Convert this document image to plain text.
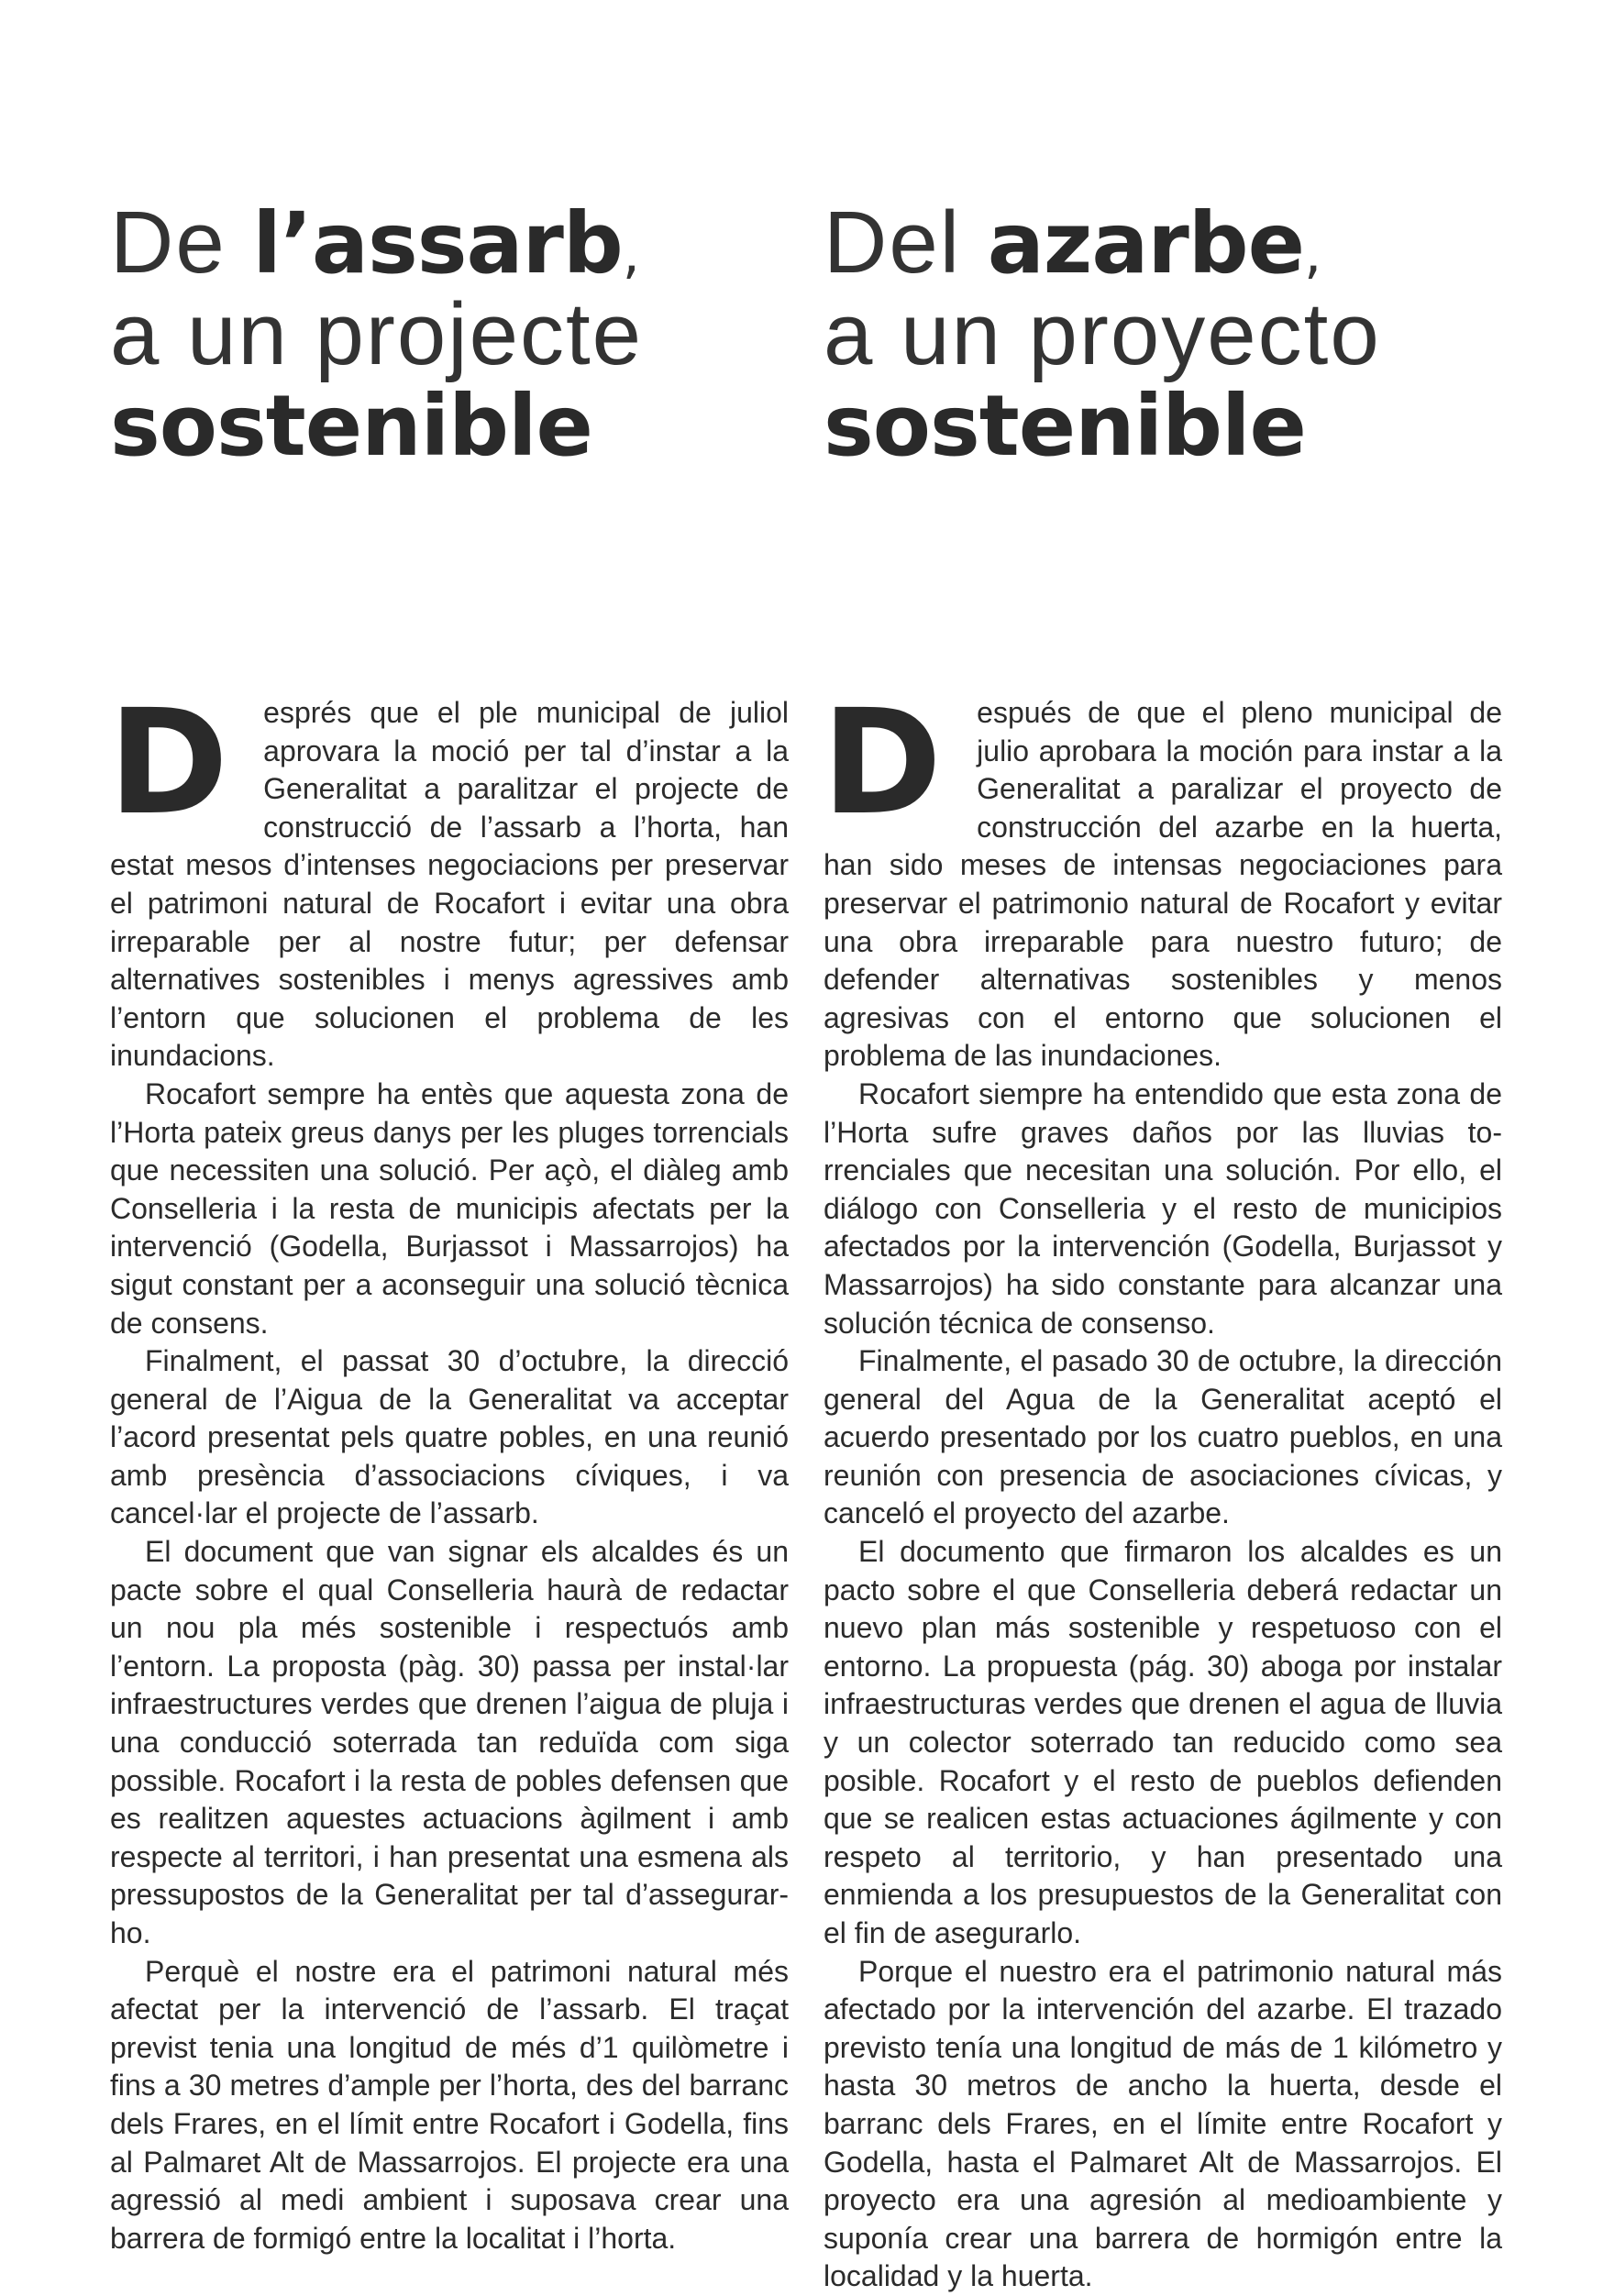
De l’assarb,
a un projecte
sostenible

D	esprés que el ple municipal de juliol aprovara la moció per tal d’instar a la Generalitat a paralitzar el projecte de construcció de l’assarb a l’horta, han estat mesos d’intenses negociacions per preservar el patrimoni natural de Rocafort i evitar una obra irreparable per al nostre futur; per defensar alternatives sostenibles i menys agressives amb l’entorn que solucionen el problema de les inundacions.

Rocafort sempre ha entès que aquesta zona de l’Horta pateix greus danys per les pluges torrencials que necessiten una solució. Per açò, el diàleg amb Conselleria i la resta de municipis afectats per la intervenció (Godella, Burjassot i Massarrojos) ha sigut constant per a aconseguir una solució tècnica de consens.

Finalment, el passat 30 d’octubre, la direcció general de l’Aigua de la Generalitat va acceptar l’acord presentat pels quatre pobles, en una reunió amb presència d’associacions cíviques, i va cancel·lar el projecte de l’assarb.

El document que van signar els alcaldes és un pacte sobre el qual Conselleria haurà de redactar un nou pla més sostenible i respectuós amb l’entorn. La proposta (pàg. 30) passa per instal·lar infraestructures verdes que drenen l’aigua de pluja i una conducció soterrada tan reduïda com siga possible. Rocafort i la resta de pobles defensen que es realitzen aquestes actuacions àgilment i amb respecte al territori, i han presentat una esmena als pressupostos de la Generalitat per tal d’assegurar-ho.

Perquè el nostre era el patrimoni natural més afectat per la intervenció de l’assarb. El traçat previst tenia una longitud de més d’1 quilòmetre i fins a 30 metres d’ample per l’horta, des del barranc dels Frares, en el límit entre Rocafort i Godella, fins al Palmaret Alt de Massarrojos. El projecte era una agressió al medi ambient i suposava crear una barrera de formigó entre la localitat i l’horta.

Del azarbe,
a un proyecto
sostenible

D	espués de que el pleno municipal de julio aprobara la moción para instar a la Generalitat a paralizar el proyecto de construcción del azarbe en la huerta, han sido meses de intensas negociaciones para preservar el patrimonio natural de Rocafort y evitar una obra irreparable para nuestro futuro; de defender alternativas sostenibles y menos agresivas con el entorno que solucionen el problema de las inundaciones.

Rocafort siempre ha entendido que esta zona de l’Horta sufre graves daños por las lluvias torrenciales que necesitan una solución. Por ello, el diálogo con Conselleria y el resto de municipios afectados por la intervención (Godella, Burjassot y Massarrojos) ha sido constante para alcanzar una solución técnica de consenso.

Finalmente, el pasado 30 de octubre, la dirección general del Agua de la Generalitat aceptó el acuerdo presentado por los cuatro pueblos, en una reunión con presencia de asociaciones cívicas, y canceló el proyecto del azarbe.

El documento que firmaron los alcaldes es un pacto sobre el que Conselleria deberá redactar un nuevo plan más sostenible y respetuoso con el entorno. La propuesta (pág. 30) aboga por instalar infraestructuras verdes que drenen el agua de lluvia y un colector soterrado tan reducido como sea posible. Rocafort y el resto de pueblos defienden que se realicen estas actuaciones ágilmente y con respeto al territorio, y han presentado una enmienda a los presupuestos de la Generalitat con el fin de asegurarlo.

Porque el nuestro era el patrimonio natural más afectado por la intervención del azarbe. El trazado previsto tenía una longitud de más de 1 kilómetro y hasta 30 metros de ancho la huerta, desde el barranc dels Frares, en el límite entre Rocafort y Godella, hasta el Palmaret Alt de Massarrojos. El proyecto era una agresión al medioambiente y suponía crear una barrera de hormigón entre la localidad y la huerta.
